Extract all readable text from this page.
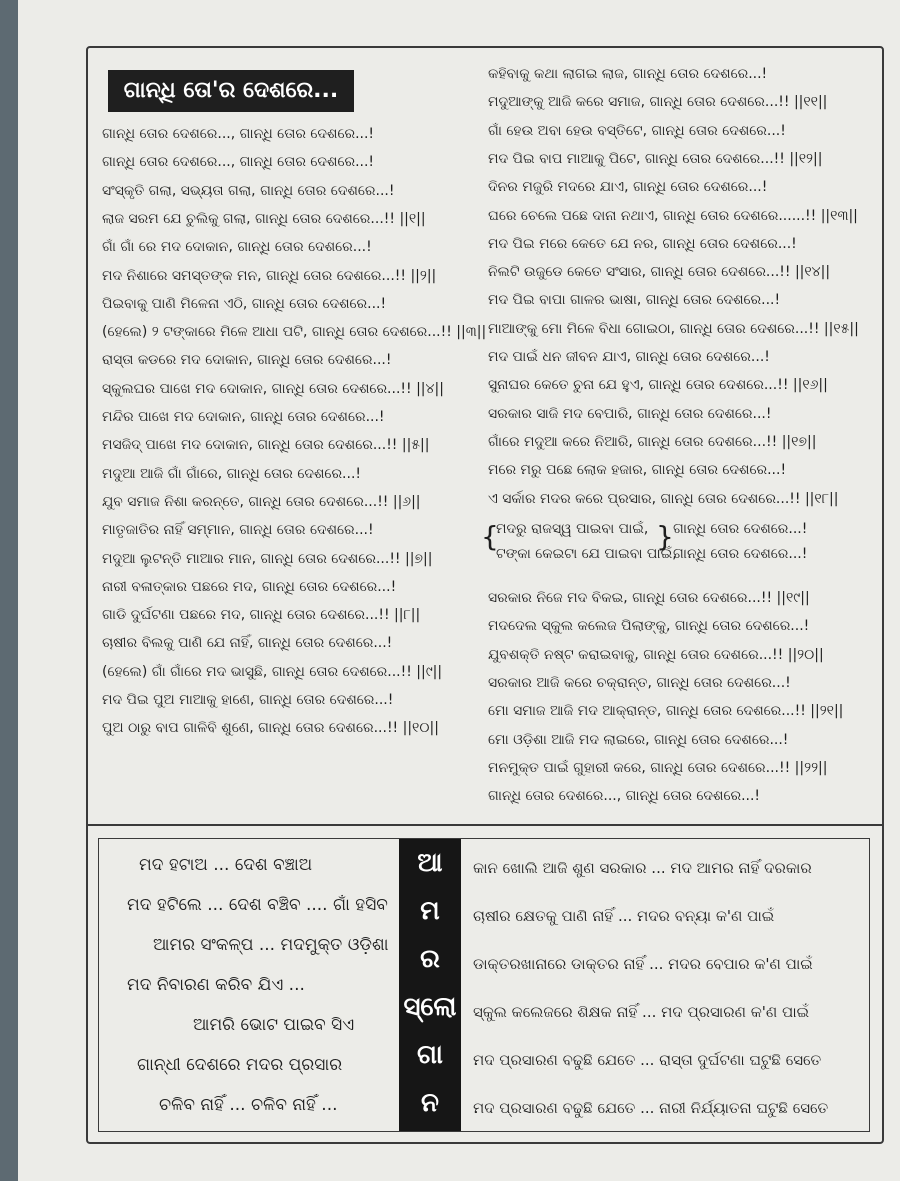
ଗାନ୍ଧି ତୋ'ର ଦେଶରେ...
ଗାନ୍ଧି ତୋର ଦେଶରେ..., ଗାନ୍ଧି ତୋର ଦେଶରେ...!
ଗାନ୍ଧି ତୋର ଦେଶରେ..., ଗାନ୍ଧି ତୋର ଦେଶରେ...!
ସଂସ୍କୃତି ଗଲା, ସଭ୍ୟତା ଗଲା, ଗାନ୍ଧି ତୋର ଦେଶରେ...!
ଲାଜ ସରମ ଯେ ଚୁଲିକୁ ଗଲା, ଗାନ୍ଧି ତୋର ଦେଶରେ...!! ||୧||
ଗାଁ ଗାଁ ରେ ମଦ ଦୋକାନ, ଗାନ୍ଧି ତୋର ଦେଶରେ...!
ମଦ ନିଶାରେ ସମସ୍ତଙ୍କ ମନ, ଗାନ୍ଧି ତୋର ଦେଶରେ...!! ||୨||
ପିଇବାକୁ ପାଣି ମିଳେନା ଏଠି, ଗାନ୍ଧି ତୋର ଦେଶରେ...!
(ହେଲେ) ୨ ଟଙ୍କାରେ ମିଳେ ଆଧା ପଟି, ଗାନ୍ଧି ତୋର ଦେଶରେ...!! ||୩||
ରାସ୍ତା କଡରେ ମଦ ଦୋକାନ, ଗାନ୍ଧି ତୋର ଦେଶରେ...!
ସ୍କୁଲଘର ପାଖେ ମଦ ଦୋକାନ, ଗାନ୍ଧି ତୋର ଦେଶରେ...!! ||୪||
ମନ୍ଦିର ପାଖେ ମଦ ଦୋକାନ, ଗାନ୍ଧି ତୋର ଦେଶରେ...!
ମସଜିଦ୍ ପାଖେ ମଦ ଦୋକାନ, ଗାନ୍ଧି ତୋର ଦେଶରେ...!! ||୫||
ମଦୁଆ ଆଜି ଗାଁ ଗାଁରେ, ଗାନ୍ଧି ତୋର ଦେଶରେ...!
ଯୁବ ସମାଜ ନିଶା କରନ୍ତେ, ଗାନ୍ଧି ତୋର ଦେଶରେ...!! ||୬||
ମାତୃଜାତିର ନାହିଁ ସମ୍ମାନ, ଗାନ୍ଧି ତୋର ଦେଶରେ...!
ମଦୁଆ ଲୁଟନ୍ତି ମାଆର ମାନ, ଗାନ୍ଧି ତୋର ଦେଶରେ...!! ||୭||
ନାରୀ ବଳାତ୍କାର ପଛରେ ମଦ, ଗାନ୍ଧି ତୋର ଦେଶରେ...!
ଗାଡି ଦୁର୍ଘଟଣା ପଛରେ ମଦ, ଗାନ୍ଧି ତୋର ଦେଶରେ...!! ||୮||
ଚାଷୀର ବିଲକୁ ପାଣି ଯେ ନାହିଁ, ଗାନ୍ଧି ତୋର ଦେଶରେ...!
(ହେଲେ) ଗାଁ ଗାଁରେ ମଦ ଭାସୁଛି, ଗାନ୍ଧି ତୋର ଦେଶରେ...!! ||୯||
ମଦ ପିଇ ପୁଅ ମାଆକୁ ହାଣେ, ଗାନ୍ଧି ତୋର ଦେଶରେ...!
ପୁଅ ଠାରୁ ବାପ ଗାଳିବି ଶୁଣେ, ଗାନ୍ଧି ତୋର ଦେଶରେ...!! ||୧୦||
କହିବାକୁ କଥା ଲାଗଇ ଲାଜ, ଗାନ୍ଧି ତୋର ଦେଶରେ...!
ମଦୁଆଙ୍କୁ ଆଜି କରେ ସମାଜ, ଗାନ୍ଧି ତୋର ଦେଶରେ...!! ||୧୧||
ଗାଁ ହେଉ ଅବା ହେଉ ବସ୍ତିଟେ, ଗାନ୍ଧି ତୋର ଦେଶରେ...!
ମଦ ପିଇ ବାପ ମାଆକୁ ପିଟେ, ଗାନ୍ଧି ତୋର ଦେଶରେ...!! ||୧୨||
ଦିନର ମଜୁରି ମଦରେ ଯାଏ, ଗାନ୍ଧି ତୋର ଦେଶରେ...!
ଘରେ ଚେଲେ ପଛେ ଦାନା ନଥାଏ, ଗାନ୍ଧି ତୋର ଦେଶରେ......!! ||୧୩||
ମଦ ପିଇ ମରେ କେତେ ଯେ ନର, ଗାନ୍ଧି ତୋର ଦେଶରେ...!
ନିଲଟି ଉଜୁଡେ କେତେ ସଂସାର, ଗାନ୍ଧି ତୋର ଦେଶରେ...!! ||୧୪||
ମଦ ପିଇ ବାପା ଗାଳର ଭାଷା, ଗାନ୍ଧି ତୋର ଦେଶରେ...!
ମାଆଙ୍କୁ ମୋ ମିଳେ ବିଧା ଗୋଇଠା, ଗାନ୍ଧି ତୋର ଦେଶରେ...!! ||୧୫||
ମଦ ପାଇଁ ଧନ ଜୀବନ ଯାଏ, ଗାନ୍ଧି ତୋର ଦେଶରେ...!
ସୁନାଘର କେତେ ଚୁନା ଯେ ହୁଏ, ଗାନ୍ଧି ତୋର ଦେଶରେ...!! ||୧୬||
ସରକାର ସାଜି ମଦ ବେପାରି, ଗାନ୍ଧି ତୋର ଦେଶରେ...!
ଗାଁରେ ମଦୁଆ କରେ ନିଆରି, ଗାନ୍ଧି ତୋର ଦେଶରେ...!! ||୧୭||
ମରେ ମରୁ ପଛେ ଲୋକ ହଜାର, ଗାନ୍ଧି ତୋର ଦେଶରେ...!
ଏ ସର୍କାର ମଦର କରେ ପ୍ରସାର, ଗାନ୍ଧି ତୋର ଦେଶରେ...!! ||୧୮||
{	}
ମଦରୁ ରାଜସ୍ୱ ପାଇବା ପାଇଁ,
ଟଙ୍କା କେଇଟା ଯେ ପାଇବା ପାଇଁ,
ଗାନ୍ଧି ତୋର ଦେଶରେ...!
ଗାନ୍ଧି ତୋର ଦେଶରେ...!
ସରକାର ନିଜେ ମଦ ବିକଇ, ଗାନ୍ଧି ତୋର ଦେଶରେ...!! ||୧୯||
ମଦଦେଲ ସ୍କୁଲ କଲେଜ ପିଲାଙ୍କୁ, ଗାନ୍ଧି ତୋର ଦେଶରେ...!
ଯୁବଶକ୍ତି ନଷ୍ଟ କରାଇବାକୁ, ଗାନ୍ଧି ତୋର ଦେଶରେ...!! ||୨୦||
ସରକାର ଆଜି କରେ ଚକ୍ରାନ୍ତ, ଗାନ୍ଧି ତୋର ଦେଶରେ...!
ମୋ ସମାଜ ଆଜି ମଦ ଆକ୍ରାନ୍ତ, ଗାନ୍ଧି ତୋର ଦେଶରେ...!! ||୨୧||
ମୋ ଓଡ଼ିଶା ଆଜି ମଦ ଲାଇରେ, ଗାନ୍ଧି ତୋର ଦେଶରେ...!
ମନମୁକ୍ତ ପାଇଁ ଗୁହାରୀ କରେ, ଗାନ୍ଧି ତୋର ଦେଶରେ...!! ||୨୨||
ଗାନ୍ଧି ତୋର ଦେଶରେ..., ଗାନ୍ଧି ତୋର ଦେଶରେ...!
ମଦ ହଟାଅ ... ଦେଶ ବଞ୍ଚାଅ
ମଦ ହଟିଲେ ... ଦେଶ ବଞ୍ଚିବ .... ଗାଁ ହସିବ
ଆମର ସଂକଳ୍ପ ... ମଦମୁକ୍ତ ଓଡ଼ିଶା
ମଦ ନିବାରଣ କରିବ ଯିଏ ...
ଆମରି ଭୋଟ ପାଇବ ସିଏ
ଗାନ୍ଧୀ ଦେଶରେ ମଦର ପ୍ରସାର
ଚଳିବ ନାହିଁ ... ଚଳିବ ନାହିଁ ...
ଆ
ମ
ର
ସ୍ଲୋ
ଗା
ନ
କାନ ଖୋଲି ଆଜି ଶୁଣ ସରକାର ... ମଦ ଆମର ନାହିଁ ଦରକାର
ଚାଷୀର କ୍ଷେତକୁ ପାଣି ନାହିଁ ... ମଦର ବନ୍ୟା କ'ଣ ପାଇଁ
ଡାକ୍ତରଖାନାରେ ଡାକ୍ତର ନାହିଁ ... ମଦର ବେପାର କ'ଣ ପାଇଁ
ସ୍କୁଲ କଲେଜରେ ଶିକ୍ଷକ ନାହିଁ ... ମଦ ପ୍ରସାରଣ କ'ଣ ପାଇଁ
ମଦ ପ୍ରସାରଣ ବଢୁଛି ଯେତେ ... ରାସ୍ତା ଦୁର୍ଘଟଣା ଘଟୁଛି ସେତେ
ମଦ ପ୍ରସାରଣ ବଢୁଛି ଯେତେ ... ନାରୀ ନିର୍ଯ୍ୟାତନା ଘଟୁଛି ସେତେ
